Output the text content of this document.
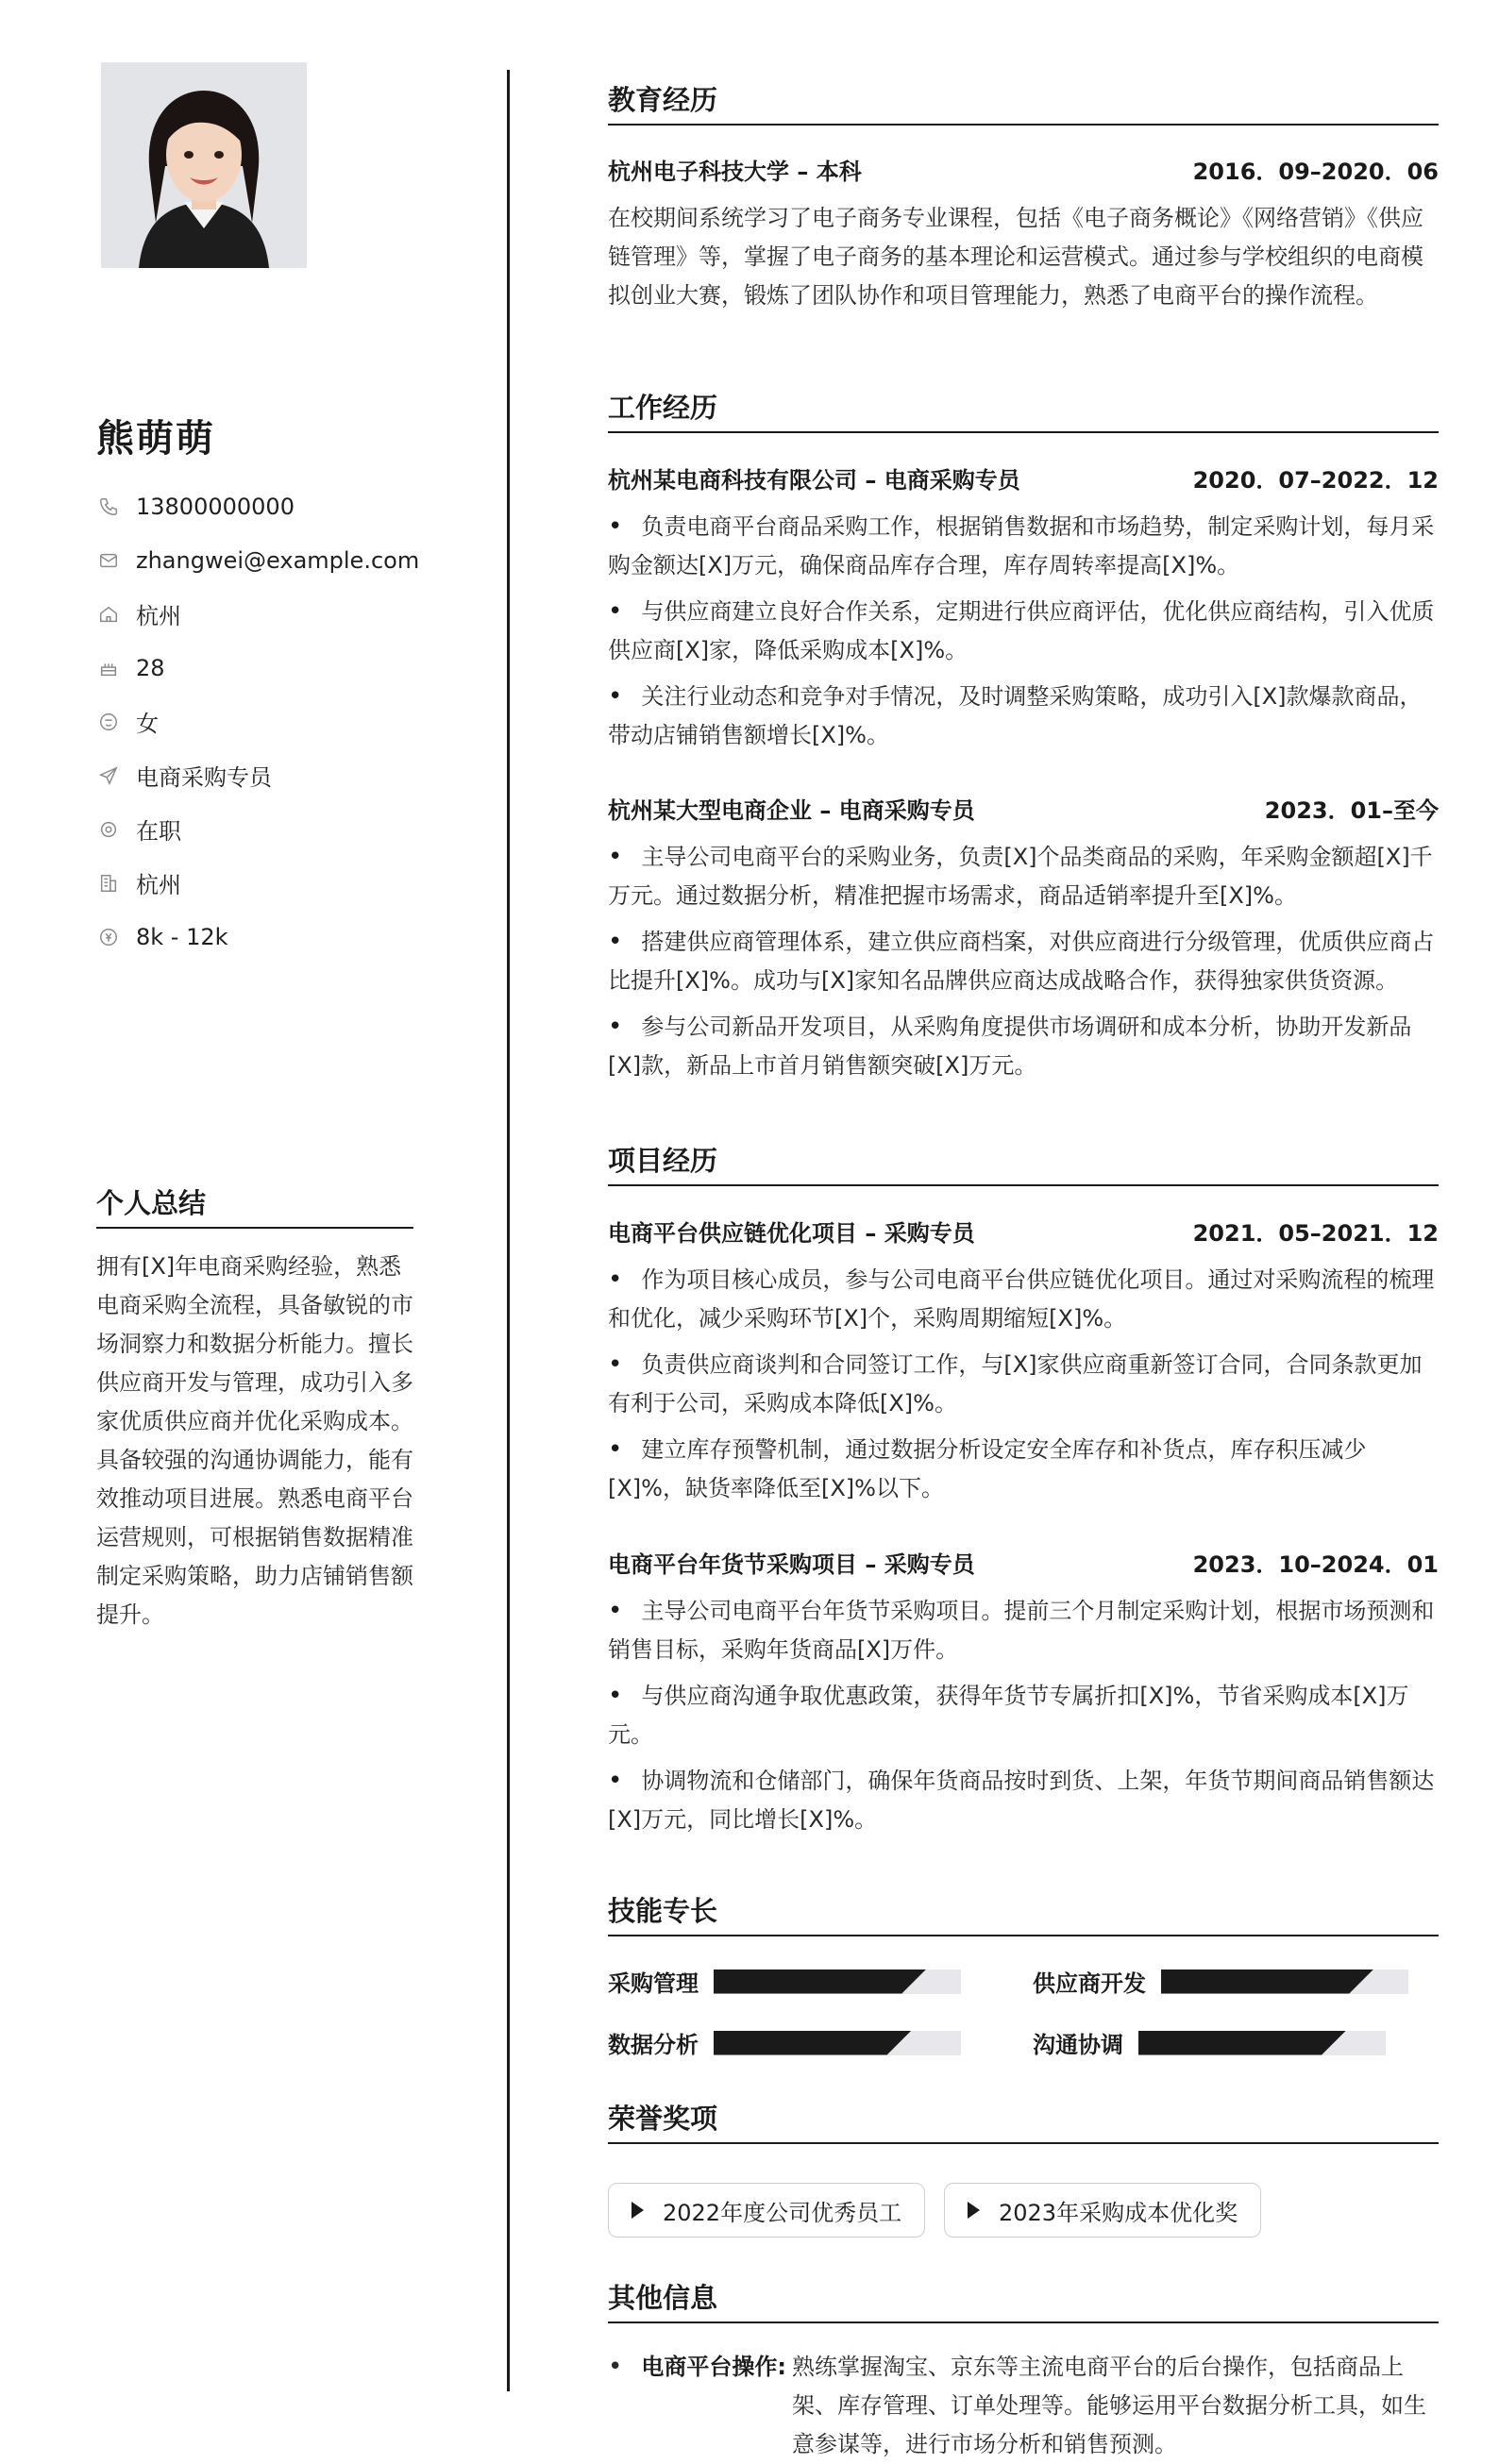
熊萌萌
13800000000
zhangwei@example.com
杭州
28
女
电商采购专员
在职
杭州
8k - 12k
个人总结
拥有[X]年电商采购经验，熟悉电商采购全流程，具备敏锐的市场洞察力和数据分析能力。擅长供应商开发与管理，成功引入多家优质供应商并优化采购成本。具备较强的沟通协调能力，能有效推动项目进展。熟悉电商平台运营规则，可根据销售数据精准制定采购策略，助力店铺销售额提升。
教育经历
杭州电子科技大学 – 本科	2016．09–2020．06
在校期间系统学习了电子商务专业课程，包括《电子商务概论》《网络营销》《供应链管理》等，掌握了电子商务的基本理论和运营模式。通过参与学校组织的电商模拟创业大赛，锻炼了团队协作和项目管理能力，熟悉了电商平台的操作流程。
工作经历
杭州某电商科技有限公司 – 电商采购专员	2020．07–2022．12
• 负责电商平台商品采购工作，根据销售数据和市场趋势，制定采购计划，每月采购金额达[X]万元，确保商品库存合理，库存周转率提高[X]%。
• 与供应商建立良好合作关系，定期进行供应商评估，优化供应商结构，引入优质供应商[X]家，降低采购成本[X]%。
• 关注行业动态和竞争对手情况，及时调整采购策略，成功引入[X]款爆款商品，带动店铺销售额增长[X]%。
杭州某大型电商企业 – 电商采购专员	2023．01–至今
• 主导公司电商平台的采购业务，负责[X]个品类商品的采购，年采购金额超[X]千万元。通过数据分析，精准把握市场需求，商品适销率提升至[X]%。
• 搭建供应商管理体系，建立供应商档案，对供应商进行分级管理，优质供应商占比提升[X]%。成功与[X]家知名品牌供应商达成战略合作，获得独家供货资源。
• 参与公司新品开发项目，从采购角度提供市场调研和成本分析，协助开发新品[X]款，新品上市首月销售额突破[X]万元。
项目经历
电商平台供应链优化项目 – 采购专员	2021．05–2021．12
• 作为项目核心成员，参与公司电商平台供应链优化项目。通过对采购流程的梳理和优化，减少采购环节[X]个，采购周期缩短[X]%。
• 负责供应商谈判和合同签订工作，与[X]家供应商重新签订合同，合同条款更加有利于公司，采购成本降低[X]%。
• 建立库存预警机制，通过数据分析设定安全库存和补货点，库存积压减少[X]%，缺货率降低至[X]%以下。
电商平台年货节采购项目 – 采购专员	2023．10–2024．01
• 主导公司电商平台年货节采购项目。提前三个月制定采购计划，根据市场预测和销售目标，采购年货商品[X]万件。
• 与供应商沟通争取优惠政策，获得年货节专属折扣[X]%，节省采购成本[X]万元。
• 协调物流和仓储部门，确保年货商品按时到货、上架，年货节期间商品销售额达[X]万元，同比增长[X]%。
技能专长
采购管理	供应商开发
数据分析	沟通协调
荣誉奖项
2022年度公司优秀员工	2023年采购成本优化奖
其他信息
• 电商平台操作: 熟练掌握淘宝、京东等主流电商平台的后台操作，包括商品上架、库存管理、订单处理等。能够运用平台数据分析工具，如生意参谋等，进行市场分析和销售预测。
